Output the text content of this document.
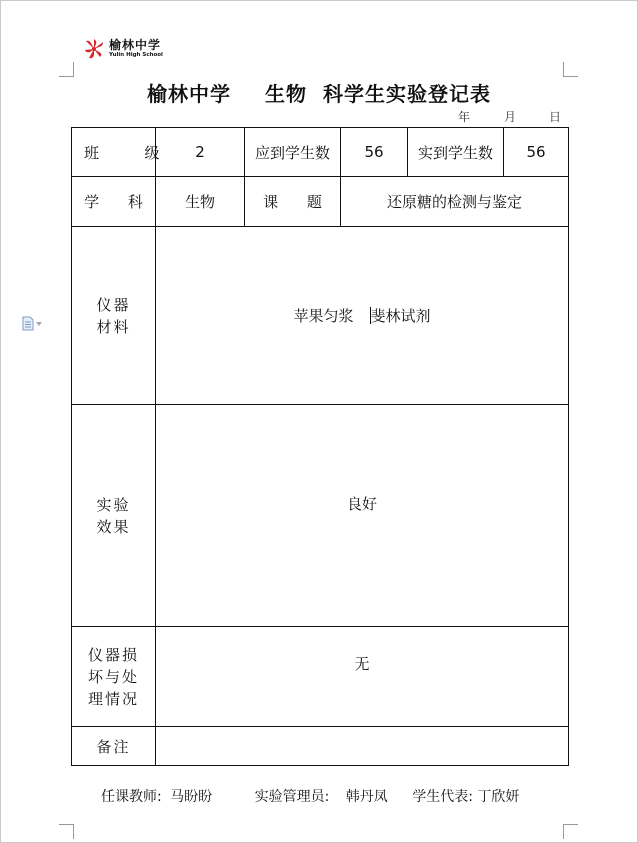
榆林中学
Yulin High School
榆林中学 生物 科学生实验登记表
年	月	日
班  级	2	应到学生数	56	实到学生数	56
学 科	生物	课 题	还原糖的检测与鉴定		

仪器
材料	苹果匀浆 斐林试剂				

实验
效果	良好				

仪器损
坏与处
理情况	无				
备注					
任课教师: 马盼盼	实验管理员: 韩丹凤 学生代表: 丁欣妍
